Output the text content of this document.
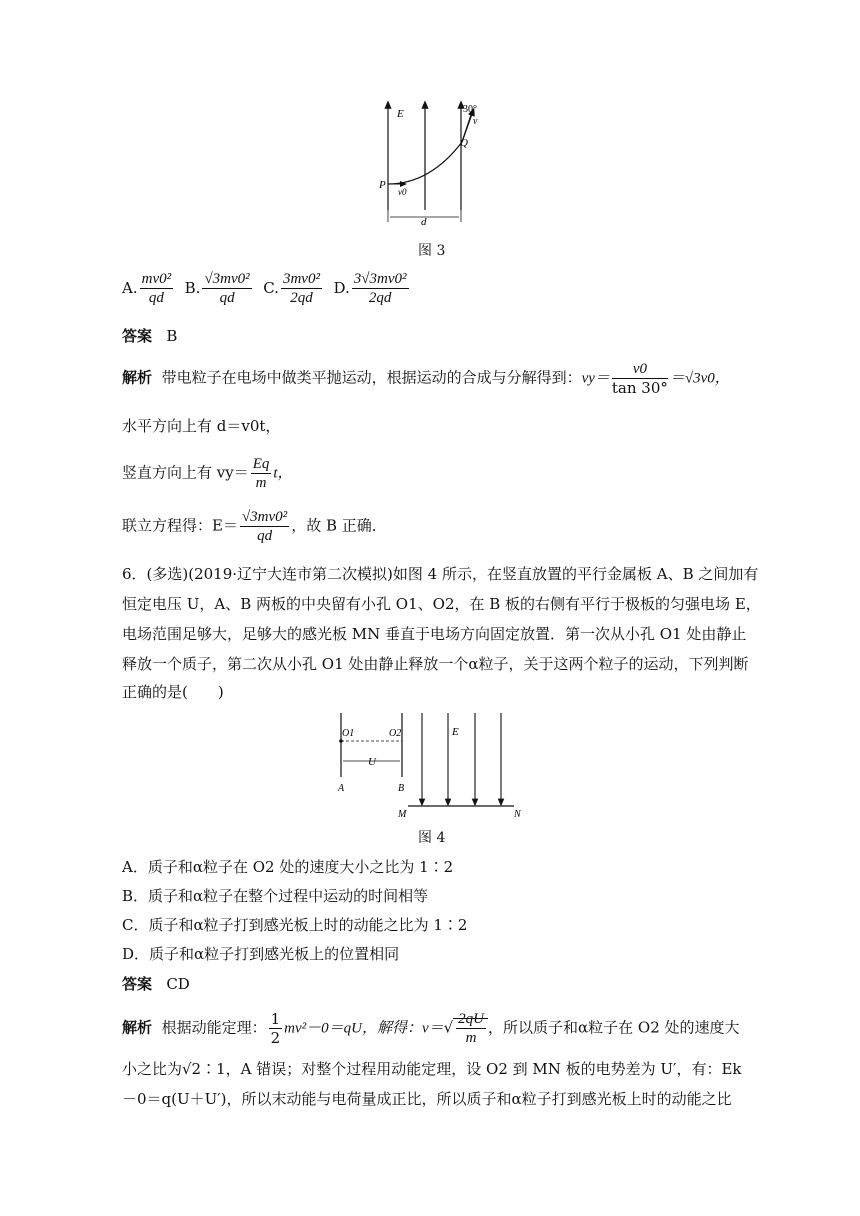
E	30°
v
Q
P
v0
d
图 3
A. $\frac{\text{mv0²}}{qd} B$. $\frac{\text{√3mv0²}}{qd} C$. $\frac{\text{3mv0²}}{2qd} D$. $\frac{\text{3√3mv0²}}{2qd}$
答案 B
解析 带电粒子在电场中做类平抛运动，根据运动的合成与分解得到：$vy= \frac{v0}{\tan 30^\circ} =√3v0$，
水平方向上有 d＝v0t，
竖直方向上有 $vy= \frac{Eq}{m}$ t，
联立方程得：$E= \frac{\text{√3mv0²}}{qd}$ ，故 B 正确．
6．(多选)(2019·辽宁大连市第二次模拟)如图 4 所示，在竖直放置的平行金属板 A、B 之间加有
恒定电压 U，A、B 两板的中央留有小孔 O1、O2，在 B 板的右侧有平行于极板的匀强电场 E，
电场范围足够大，足够大的感光板 MN 垂直于电场方向固定放置．第一次从小孔 O1 处由静止
释放一个质子，第二次从小孔 O1 处由静止释放一个α粒子，关于这两个粒子的运动，下列判断
正确的是(　　)
O1	O2	E
U
A	B
M	N
图 4
A．质子和α粒子在 O2 处的速度大小之比为 1∶2
B．质子和α粒子在整个过程中运动的时间相等
C．质子和α粒子打到感光板上时的动能之比为 1∶2
D．质子和α粒子打到感光板上的位置相同
答案 CD
解析 根据动能定理： $\frac{1}{2} mv^2-0=qU$，解得：$v=√ \frac{2qU}{m}$ ，所以质子和α粒子在 O2 处的速度大
小之比为√2∶1，A 错误；对整个过程用动能定理，设 O2 到 MN 板的电势差为 U′，有：Ek
－0＝q(U＋U′)，所以末动能与电荷量成正比，所以质子和α粒子打到感光板上时的动能之比
